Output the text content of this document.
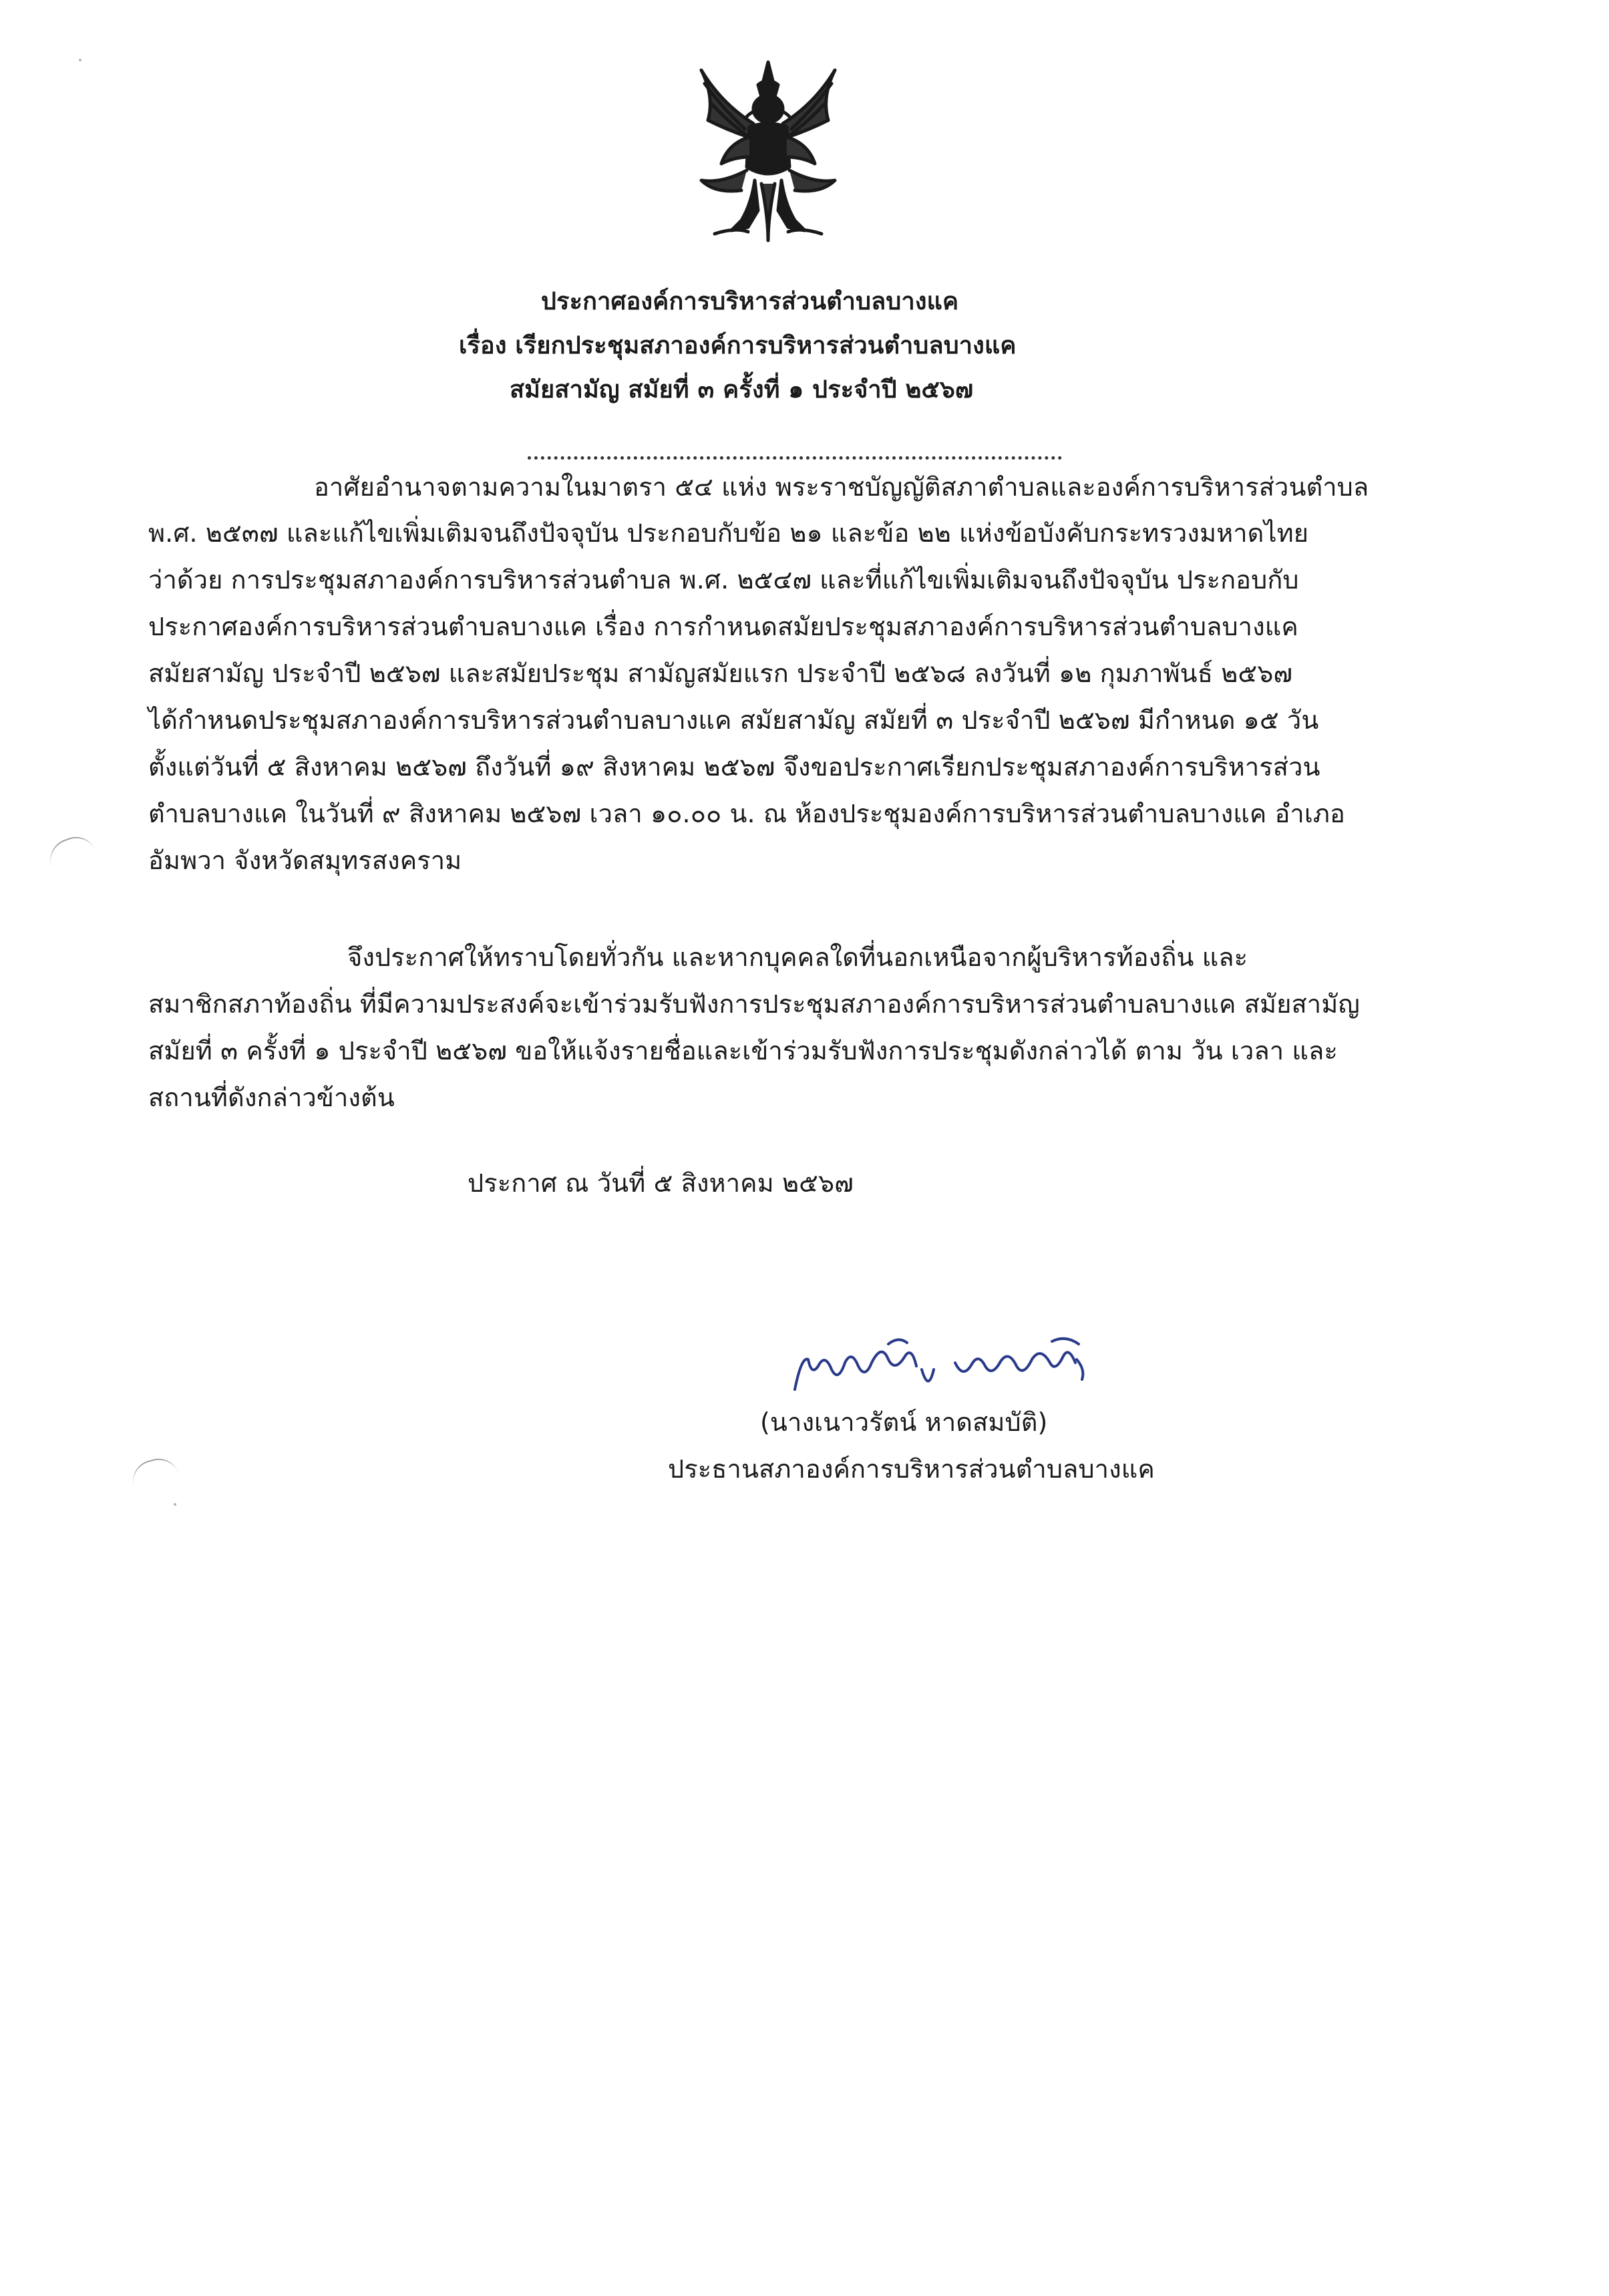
ประกาศองค์การบริหารส่วนตำบลบางแค
เรื่อง เรียกประชุมสภาองค์การบริหารส่วนตำบลบางแค
สมัยสามัญ สมัยที่ ๓ ครั้งที่ ๑ ประจำปี ๒๕๖๗
อาศัยอำนาจตามความในมาตรา ๕๔ แห่ง พระราชบัญญัติสภาตำบลและองค์การบริหารส่วนตำบล
พ.ศ. ๒๕๓๗ และแก้ไขเพิ่มเติมจนถึงปัจจุบัน ประกอบกับข้อ ๒๑ และข้อ ๒๒ แห่งข้อบังคับกระทรวงมหาดไทย
ว่าด้วย การประชุมสภาองค์การบริหารส่วนตำบล พ.ศ. ๒๕๔๗ และที่แก้ไขเพิ่มเติมจนถึงปัจจุบัน ประกอบกับ
ประกาศองค์การบริหารส่วนตำบลบางแค เรื่อง การกำหนดสมัยประชุมสภาองค์การบริหารส่วนตำบลบางแค
สมัยสามัญ ประจำปี ๒๕๖๗ และสมัยประชุม สามัญสมัยแรก ประจำปี ๒๕๖๘ ลงวันที่ ๑๒ กุมภาพันธ์ ๒๕๖๗
ได้กำหนดประชุมสภาองค์การบริหารส่วนตำบลบางแค สมัยสามัญ สมัยที่ ๓ ประจำปี ๒๕๖๗ มีกำหนด ๑๕ วัน
ตั้งแต่วันที่ ๕ สิงหาคม ๒๕๖๗ ถึงวันที่ ๑๙ สิงหาคม ๒๕๖๗ จึงขอประกาศเรียกประชุมสภาองค์การบริหารส่วน
ตำบลบางแค ในวันที่ ๙ สิงหาคม ๒๕๖๗ เวลา ๑๐.๐๐ น. ณ ห้องประชุมองค์การบริหารส่วนตำบลบางแค อำเภอ
อัมพวา จังหวัดสมุทรสงคราม
จึงประกาศให้ทราบโดยทั่วกัน และหากบุคคลใดที่นอกเหนือจากผู้บริหารท้องถิ่น และ
สมาชิกสภาท้องถิ่น ที่มีความประสงค์จะเข้าร่วมรับฟังการประชุมสภาองค์การบริหารส่วนตำบลบางแค สมัยสามัญ
สมัยที่ ๓ ครั้งที่ ๑ ประจำปี ๒๕๖๗ ขอให้แจ้งรายชื่อและเข้าร่วมรับฟังการประชุมดังกล่าวได้ ตาม วัน เวลา และ
สถานที่ดังกล่าวข้างต้น
ประกาศ ณ วันที่ ๕ สิงหาคม ๒๕๖๗
(นางเนาวรัตน์ หาดสมบัติ)
ประธานสภาองค์การบริหารส่วนตำบลบางแค
